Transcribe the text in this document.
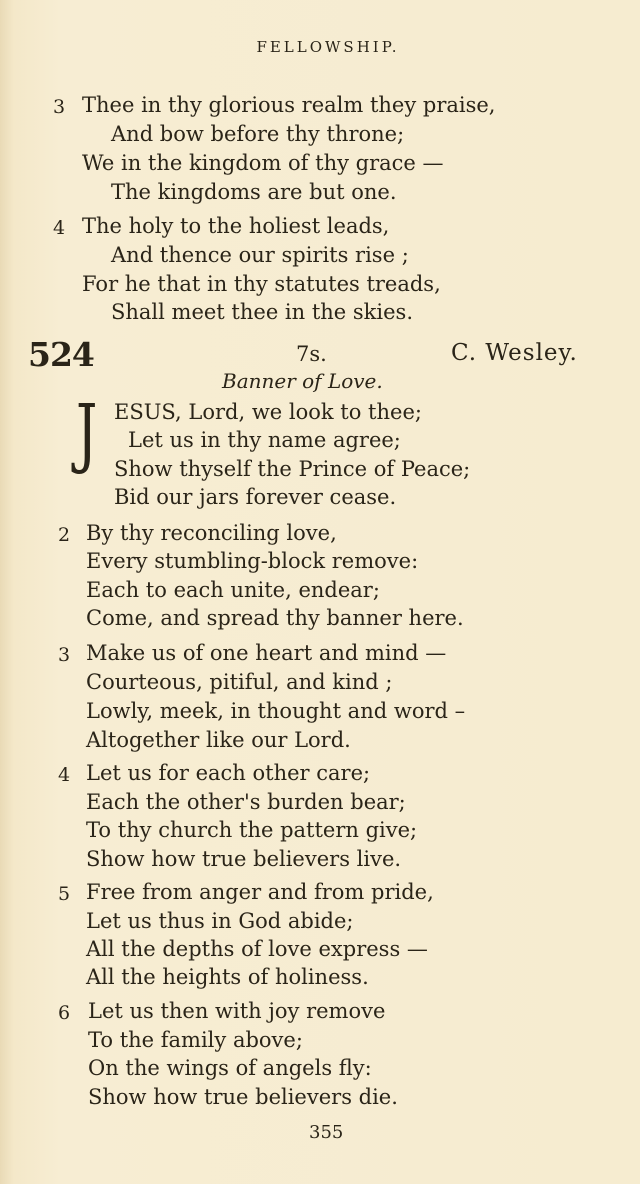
FELLOWSHIP.
3 Thee in thy glorious realm they praise,
And bow before thy throne;
We in the kingdom of thy grace —
The kingdoms are but one.
4 The holy to the holiest leads,
And thence our spirits rise ;
For he that in thy statutes treads,
Shall meet thee in the skies.
524	7s.	C. Wesley.
Banner of Love.
J ESUS, Lord, we look to thee;
Let us in thy name agree;
Show thyself the Prince of Peace;
Bid our jars forever cease.
2 By thy reconciling love,
Every stumbling-block remove:
Each to each unite, endear;
Come, and spread thy banner here.
3 Make us of one heart and mind —
Courteous, pitiful, and kind ;
Lowly, meek, in thought and word –
Altogether like our Lord.
4 Let us for each other care;
Each the other's burden bear;
To thy church the pattern give;
Show how true believers live.
5 Free from anger and from pride,
Let us thus in God abide;
All the depths of love express —
All the heights of holiness.
6 Let us then with joy remove
To the family above;
On the wings of angels fly:
Show how true believers die.
355
